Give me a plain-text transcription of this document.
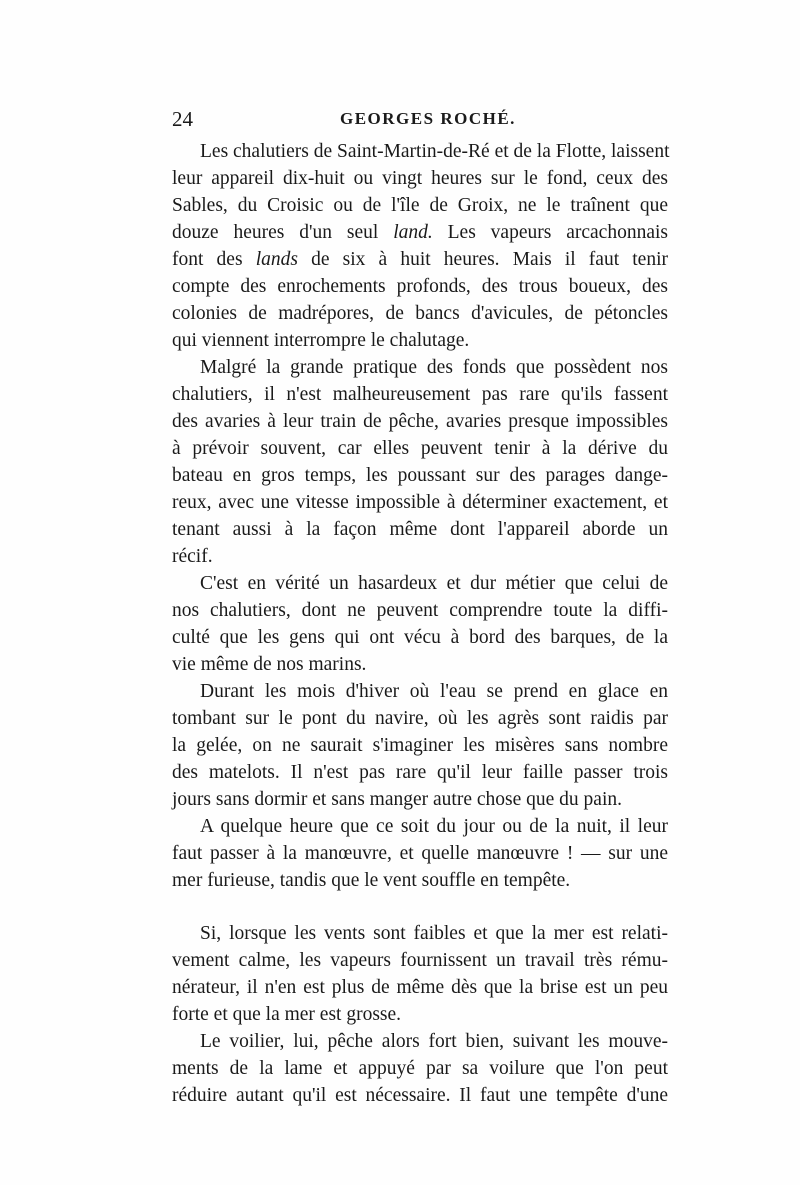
24	GEORGES ROCHÉ.
Les chalutiers de Saint-Martin-de-Ré et de la Flotte, laissent
leur appareil dix-huit ou vingt heures sur le fond, ceux des
Sables, du Croisic ou de l'île de Groix, ne le traînent que
douze heures d'un seul land. Les vapeurs arcachonnais
font des lands de six à huit heures. Mais il faut tenir
compte des enrochements profonds, des trous boueux, des
colonies de madrépores, de bancs d'avicules, de pétoncles
qui viennent interrompre le chalutage.
Malgré la grande pratique des fonds que possèdent nos
chalutiers, il n'est malheureusement pas rare qu'ils fassent
des avaries à leur train de pêche, avaries presque impossibles
à prévoir souvent, car elles peuvent tenir à la dérive du
bateau en gros temps, les poussant sur des parages dange-
reux, avec une vitesse impossible à déterminer exactement, et
tenant aussi à la façon même dont l'appareil aborde un
récif.
C'est en vérité un hasardeux et dur métier que celui de
nos chalutiers, dont ne peuvent comprendre toute la diffi-
culté que les gens qui ont vécu à bord des barques, de la
vie même de nos marins.
Durant les mois d'hiver où l'eau se prend en glace en
tombant sur le pont du navire, où les agrès sont raidis par
la gelée, on ne saurait s'imaginer les misères sans nombre
des matelots. Il n'est pas rare qu'il leur faille passer trois
jours sans dormir et sans manger autre chose que du pain.
A quelque heure que ce soit du jour ou de la nuit, il leur
faut passer à la manœuvre, et quelle manœuvre ! — sur une
mer furieuse, tandis que le vent souffle en tempête.
Si, lorsque les vents sont faibles et que la mer est relati-
vement calme, les vapeurs fournissent un travail très rému-
nérateur, il n'en est plus de même dès que la brise est un peu
forte et que la mer est grosse.
Le voilier, lui, pêche alors fort bien, suivant les mouve-
ments de la lame et appuyé par sa voilure que l'on peut
réduire autant qu'il est nécessaire. Il faut une tempête d'une
